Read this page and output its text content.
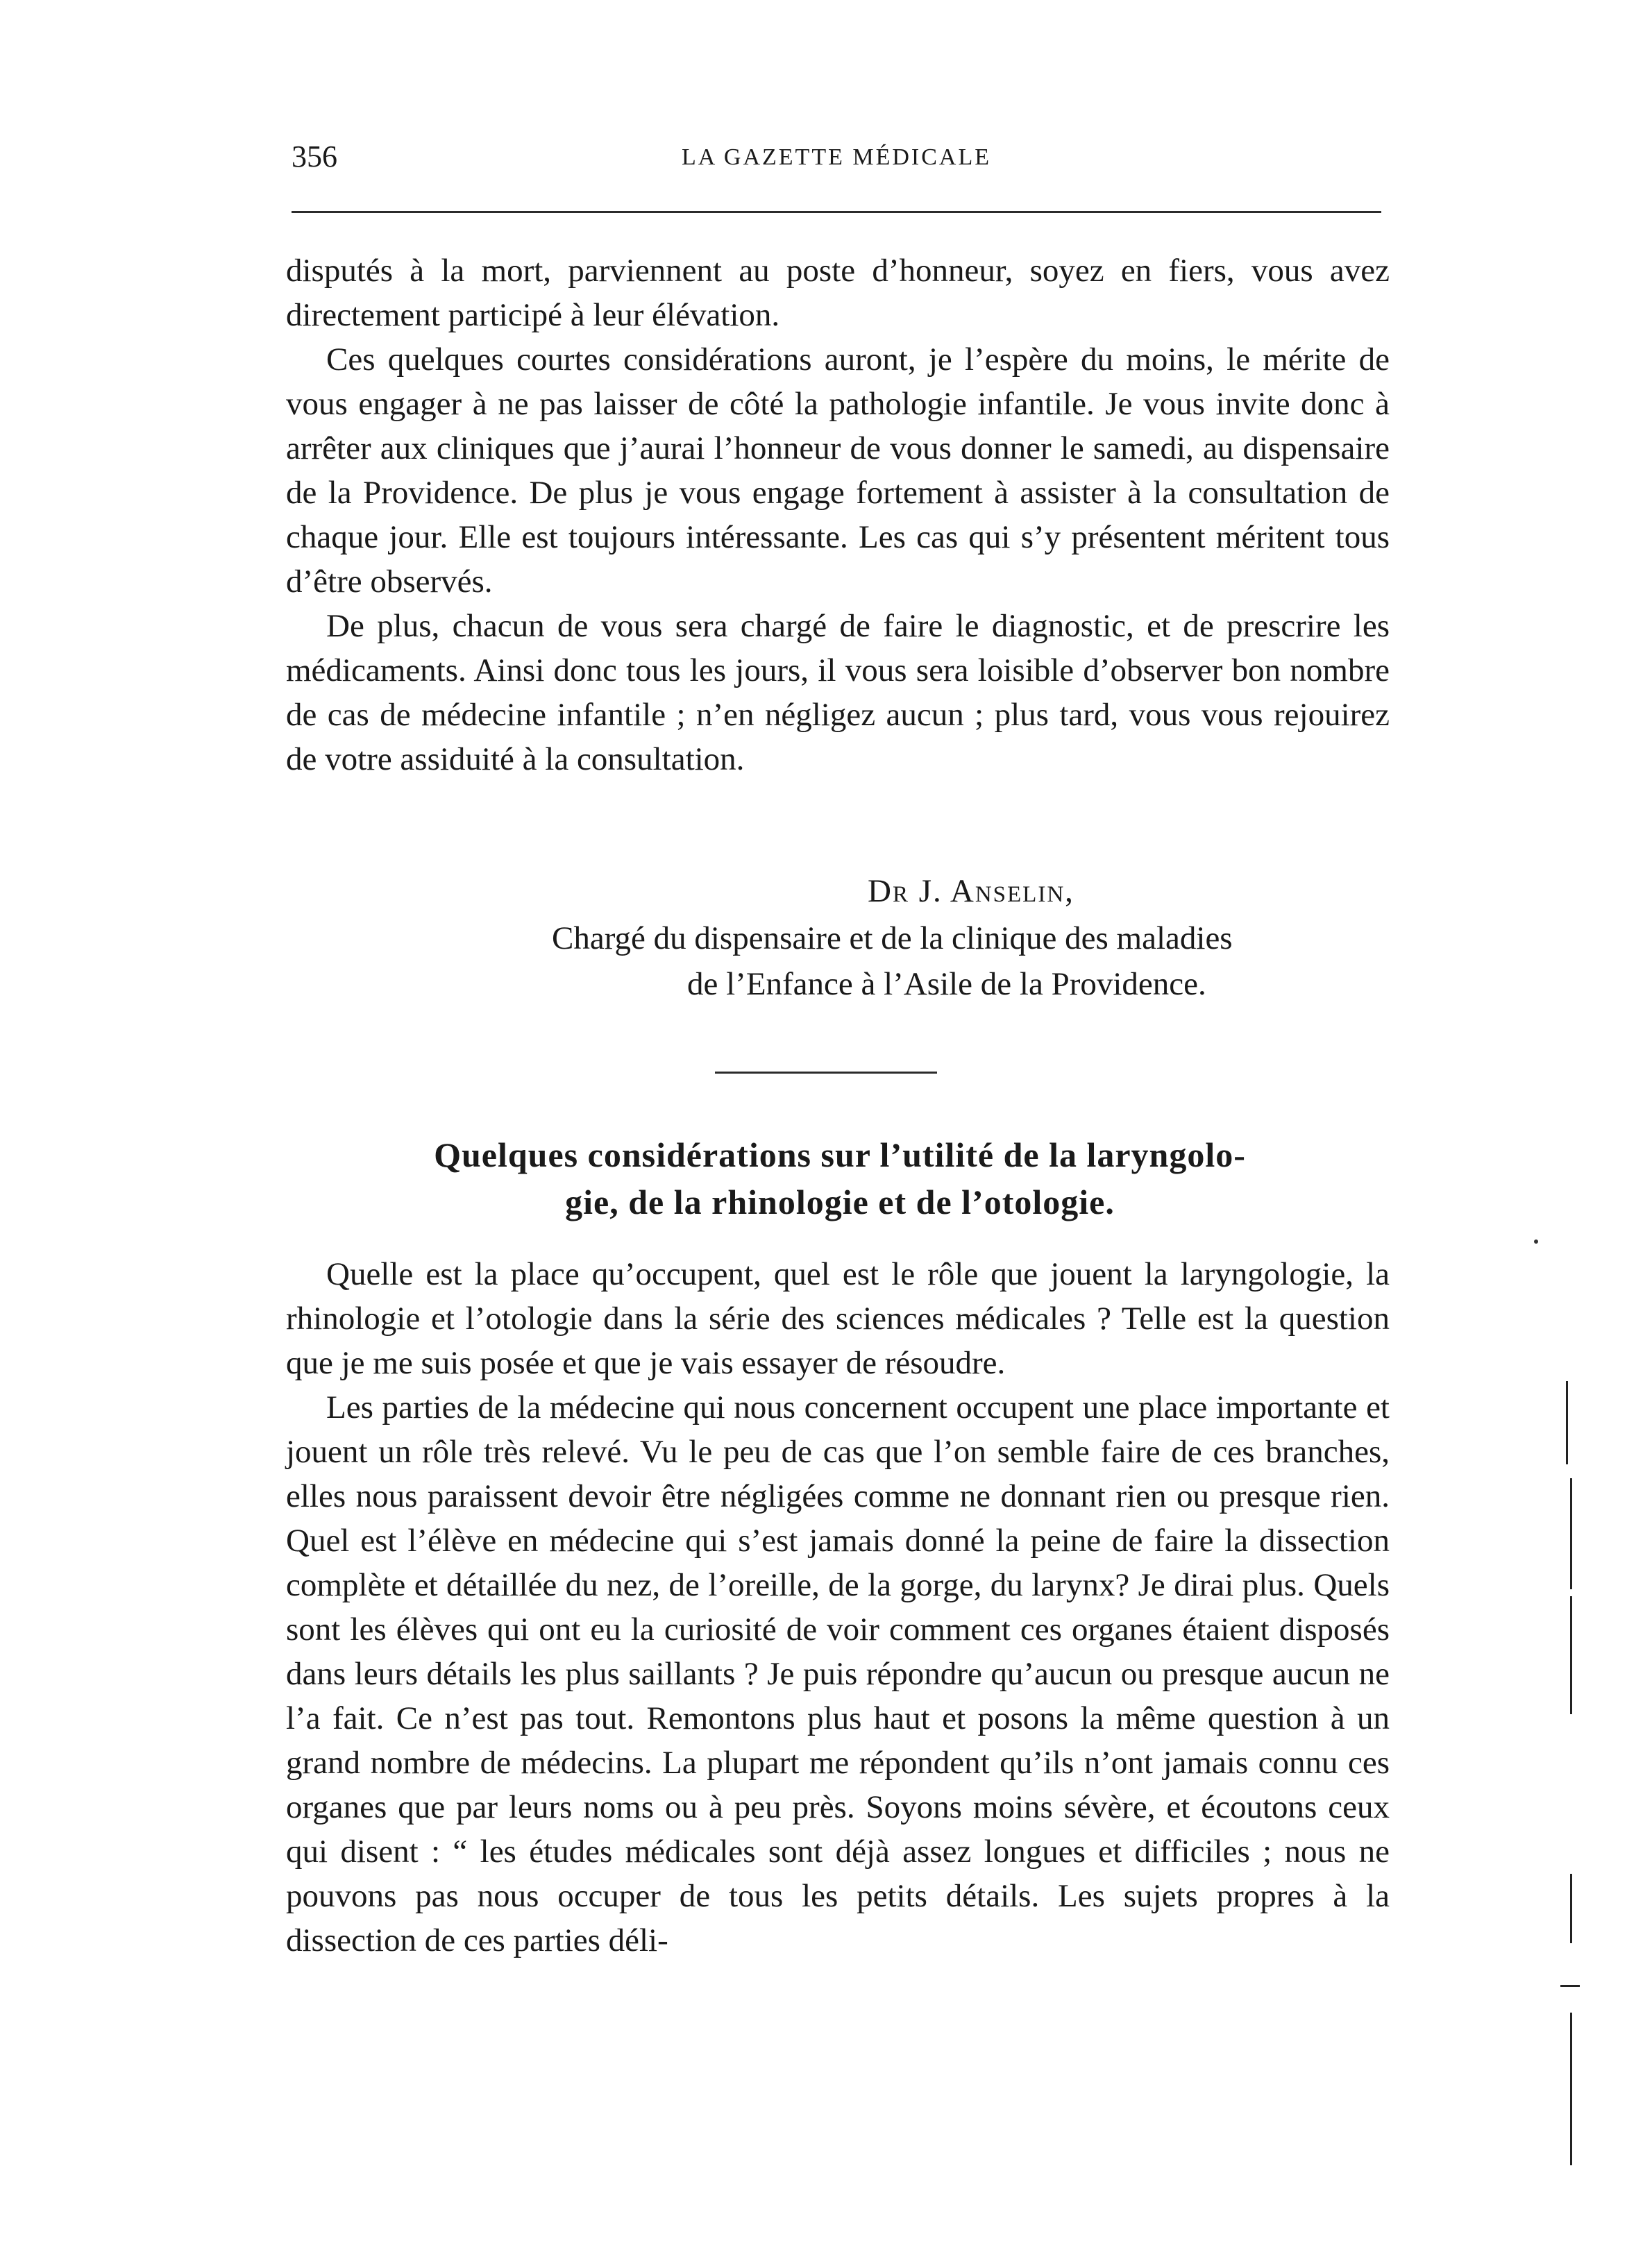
356	LA GAZETTE MÉDICALE

disputés à la mort, parviennent au poste d’honneur, soyez en fiers, vous avez directement participé à leur élévation.

Ces quelques courtes considérations auront, je l’espère du moins, le mérite de vous engager à ne pas laisser de côté la pathologie infantile. Je vous invite donc à arrêter aux cliniques que j’aurai l’honneur de vous donner le samedi, au dispensaire de la Providence. De plus je vous engage fortement à assister à la consultation de chaque jour. Elle est toujours intéressante. Les cas qui s’y présentent méritent tous d’être observés.

De plus, chacun de vous sera chargé de faire le diagnostic, et de prescrire les médicaments. Ainsi donc tous les jours, il vous sera loisible d’observer bon nombre de cas de médecine infantile ; n’en négligez aucun ; plus tard, vous vous rejouirez de votre assiduité à la consultation.

Dr J. Anselin,
Chargé du dispensaire et de la clinique des maladies
de l’Enfance à l’Asile de la Providence.
Quelques considérations sur l’utilité de la laryngolo-
gie, de la rhinologie et de l’otologie.

Quelle est la place qu’occupent, quel est le rôle que jouent la laryngologie, la rhinologie et l’otologie dans la série des sciences médicales ? Telle est la question que je me suis posée et que je vais essayer de résoudre.

Les parties de la médecine qui nous concernent occupent une place importante et jouent un rôle très relevé. Vu le peu de cas que l’on semble faire de ces branches, elles nous paraissent devoir être négligées comme ne donnant rien ou presque rien. Quel est l’élève en médecine qui s’est jamais donné la peine de faire la dissection complète et détaillée du nez, de l’oreille, de la gorge, du larynx? Je dirai plus. Quels sont les élèves qui ont eu la curiosité de voir comment ces organes étaient disposés dans leurs détails les plus saillants ? Je puis répondre qu’aucun ou presque aucun ne l’a fait. Ce n’est pas tout. Remontons plus haut et posons la même question à un grand nombre de médecins. La plupart me répondent qu’ils n’ont jamais connu ces organes que par leurs noms ou à peu près. Soyons moins sévère, et écoutons ceux qui disent : “ les études médicales sont déjà assez longues et difficiles ; nous ne pouvons pas nous occuper de tous les petits détails. Les sujets propres à la dissection de ces parties déli-
